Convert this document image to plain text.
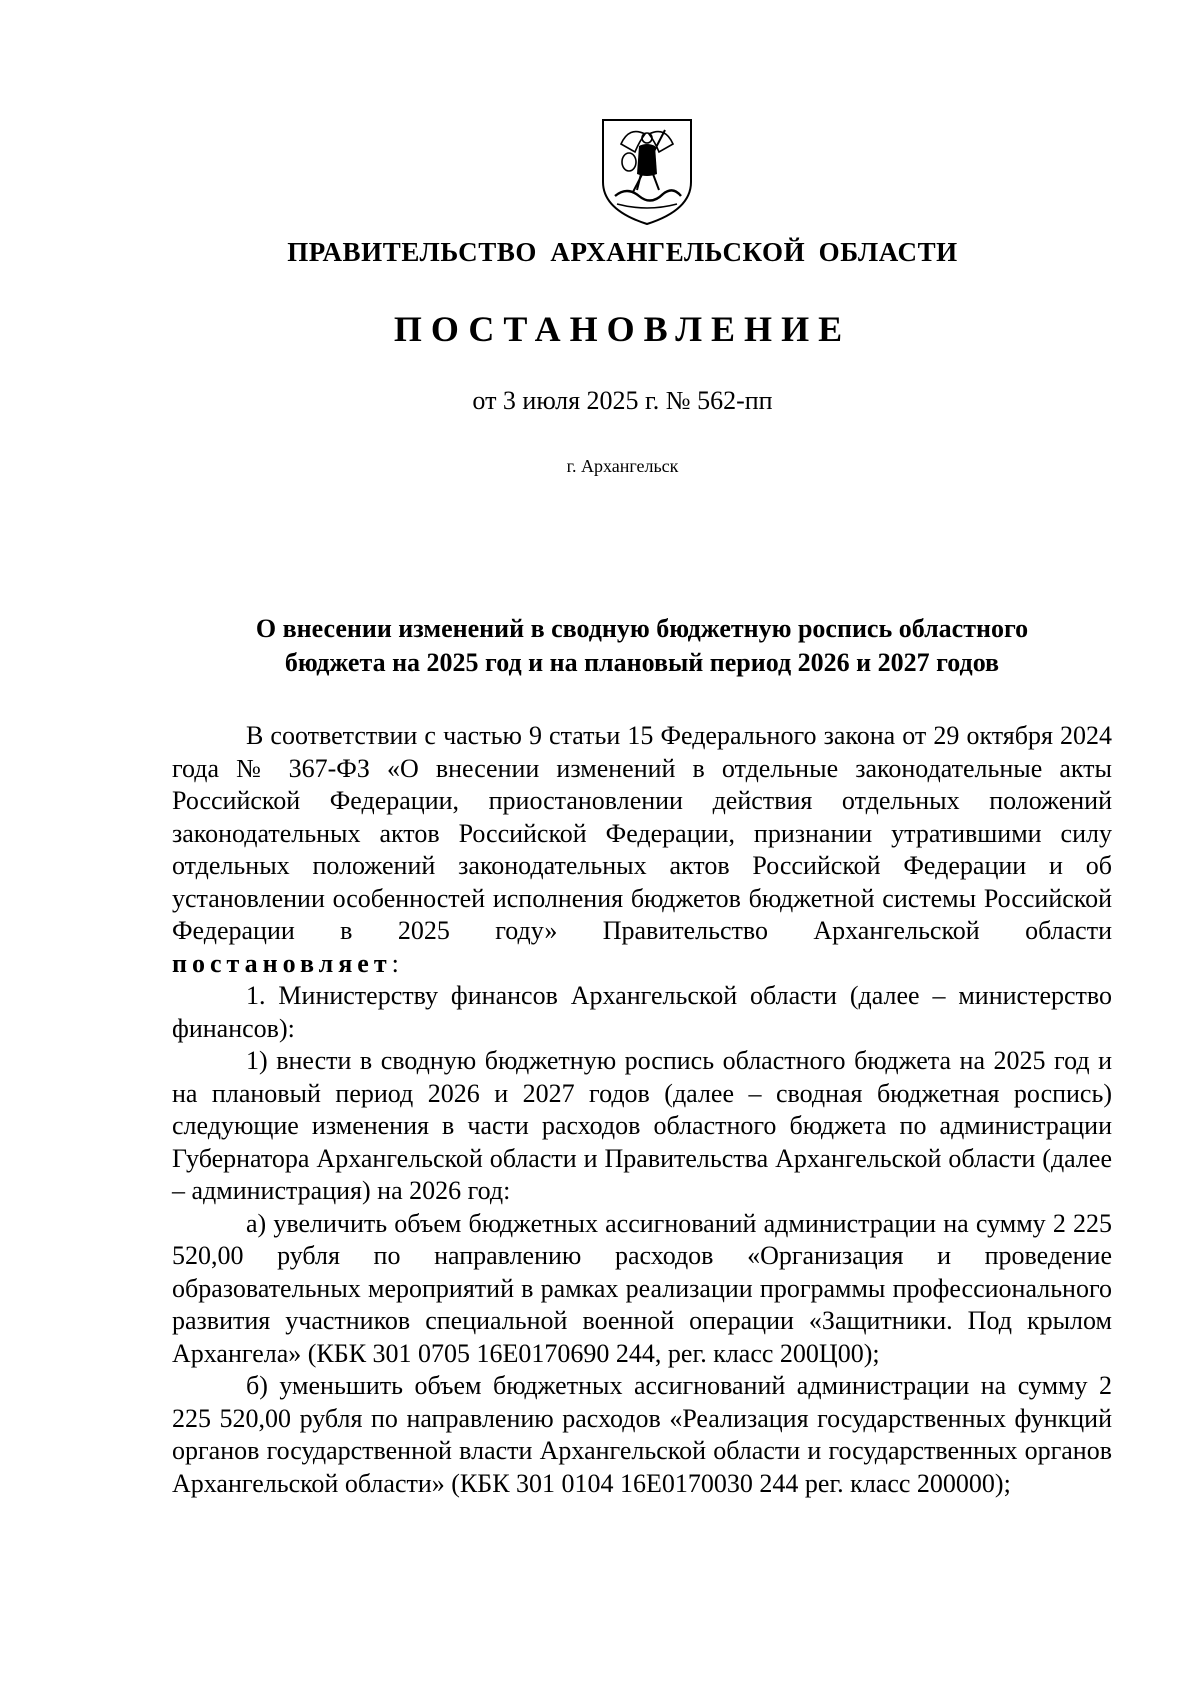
ПРАВИТЕЛЬСТВО АРХАНГЕЛЬСКОЙ ОБЛАСТИ
ПОСТАНОВЛЕНИЕ
от 3 июля 2025 г. № 562-пп
г. Архангельск
О внесении изменений в сводную бюджетную роспись областного
бюджета на 2025 год и на плановый период 2026 и 2027 годов

В соответствии с частью 9 статьи 15 Федерального закона от 29 октября 2024 года № 367-ФЗ «О внесении изменений в отдельные законодательные акты Российской Федерации, приостановлении действия отдельных положений законодательных актов Российской Федерации, признании утратившими силу отдельных положений законодательных актов Российской Федерации и об установлении особенностей исполнения бюджетов бюджетной системы Российской Федерации в 2025 году» Правительство Архангельской области постановляет:

1. Министерству финансов Архангельской области (далее – министерство финансов):

1) внести в сводную бюджетную роспись областного бюджета на 2025 год и на плановый период 2026 и 2027 годов (далее – сводная бюджетная роспись) следующие изменения в части расходов областного бюджета по администрации Губернатора Архангельской области и Правительства Архангельской области (далее – администрация) на 2026 год:

а) увеличить объем бюджетных ассигнований администрации на сумму 2 225 520,00 рубля по направлению расходов «Организация и проведение образовательных мероприятий в рамках реализации программы профессионального развития участников специальной военной операции «Защитники. Под крылом Архангела» (КБК 301 0705 16Е0170690 244, рег. класс 200Ц00);

б) уменьшить объем бюджетных ассигнований администрации на сумму 2 225 520,00 рубля по направлению расходов «Реализация государственных функций органов государственной власти Архангельской области и государственных органов Архангельской области» (КБК 301 0104 16Е0170030 244 рег. класс 200000);
